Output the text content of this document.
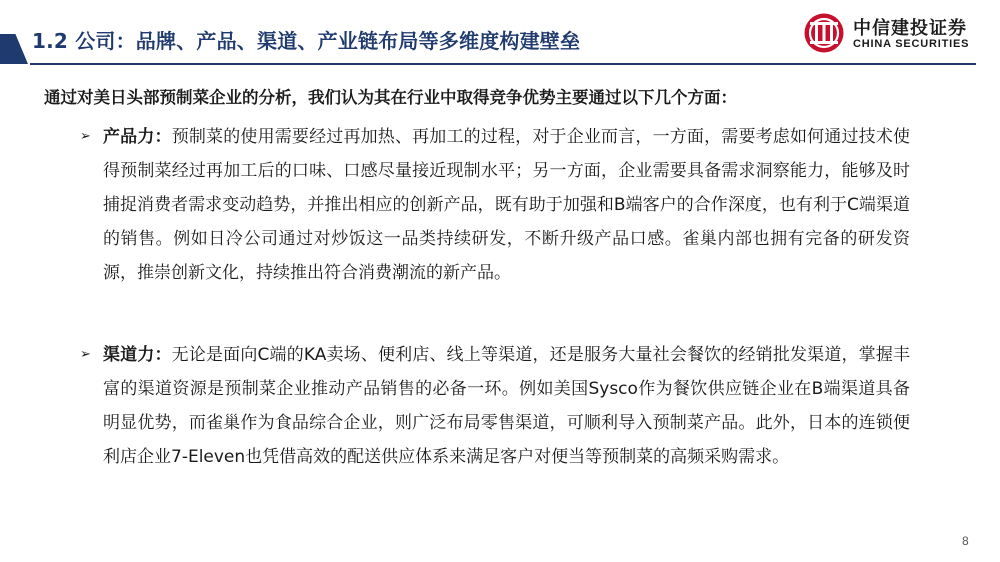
1.2 公司：品牌、产品、渠道、产业链布局等多维度构建壁垒
中信建投证券
CHINA SECURITIES
通过对美日头部预制菜企业的分析，我们认为其在行业中取得竞争优势主要通过以下几个方面：
➢ 产品力：预制菜的使用需要经过再加热、再加工的过程，对于企业而言，一方面，需要考虑如何通过技术使得预制菜经过再加工后的口味、口感尽量接近现制水平；另一方面，企业需要具备需求洞察能力，能够及时捕捉消费者需求变动趋势，并推出相应的创新产品，既有助于加强和B端客户的合作深度，也有利于C端渠道的销售。例如日冷公司通过对炒饭这一品类持续研发，不断升级产品口感。雀巢内部也拥有完备的研发资源，推崇创新文化，持续推出符合消费潮流的新产品。
➢ 渠道力：无论是面向C端的KA卖场、便利店、线上等渠道，还是服务大量社会餐饮的经销批发渠道，掌握丰富的渠道资源是预制菜企业推动产品销售的必备一环。例如美国Sysco作为餐饮供应链企业在B端渠道具备明显优势，而雀巢作为食品综合企业，则广泛布局零售渠道，可顺利导入预制菜产品。此外，日本的连锁便利店企业7-Eleven也凭借高效的配送供应体系来满足客户对便当等预制菜的高频采购需求。
8
